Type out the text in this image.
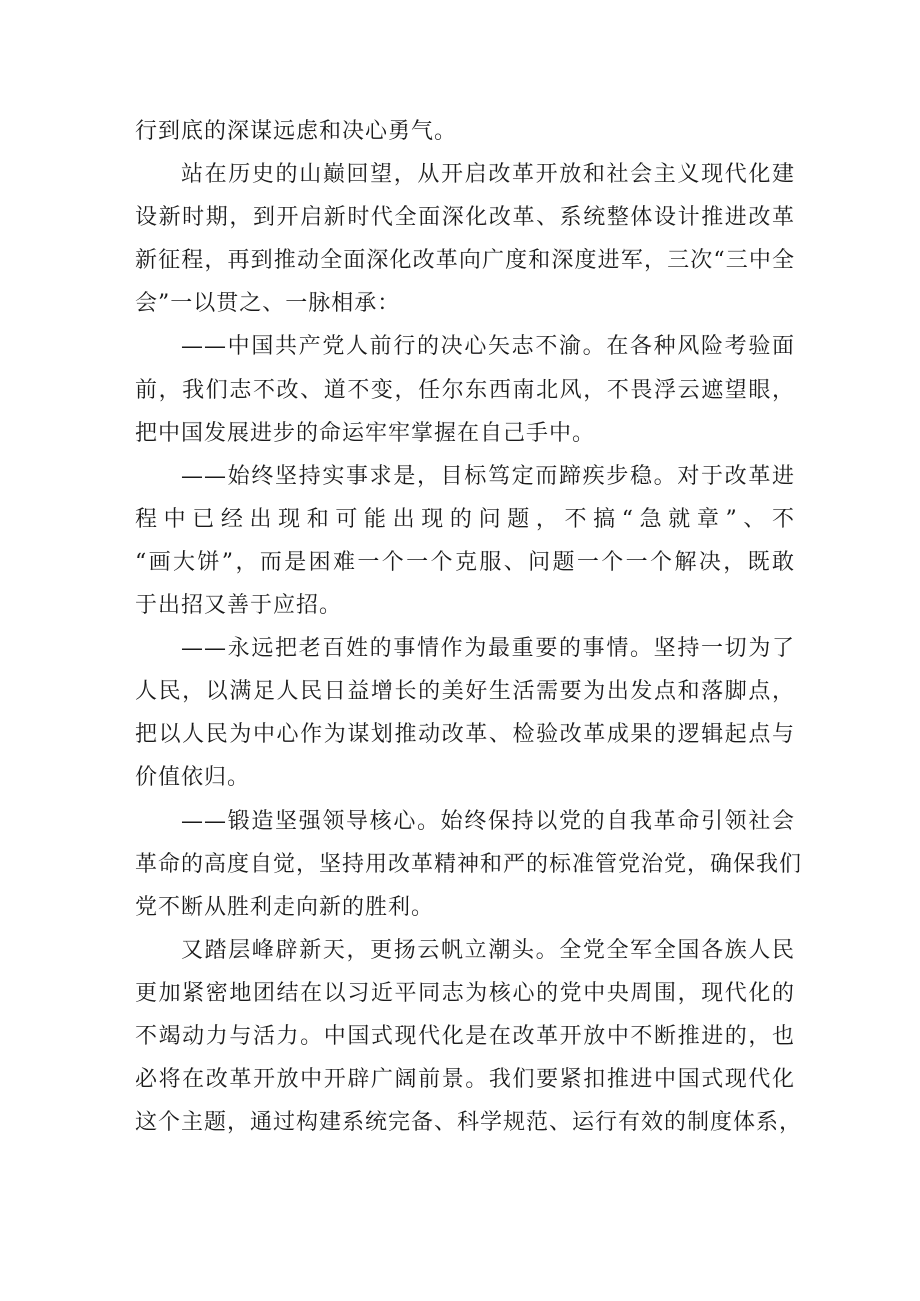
行到底的深谋远虑和决心勇气。
站在历史的山巅回望，从开启改革开放和社会主义现代化建
设新时期，到开启新时代全面深化改革、系统整体设计推进改革
新征程，再到推动全面深化改革向广度和深度进军，三次“三中全
会”一以贯之、一脉相承：
——中国共产党人前行的决心矢志不渝。在各种风险考验面
前，我们志不改、道不变，任尔东西南北风，不畏浮云遮望眼，
把中国发展进步的命运牢牢掌握在自己手中。
——始终坚持实事求是，目标笃定而蹄疾步稳。对于改革进
程中已经出现和可能出现的问题，不搞“急就章”、不
“画大饼”，而是困难一个一个克服、问题一个一个解决，既敢
于出招又善于应招。
——永远把老百姓的事情作为最重要的事情。坚持一切为了
人民，以满足人民日益增长的美好生活需要为出发点和落脚点，
把以人民为中心作为谋划推动改革、检验改革成果的逻辑起点与
价值依归。
——锻造坚强领导核心。始终保持以党的自我革命引领社会
革命的高度自觉，坚持用改革精神和严的标准管党治党，确保我们
党不断从胜利走向新的胜利。
又踏层峰辟新天，更扬云帆立潮头。全党全军全国各族人民
更加紧密地团结在以习近平同志为核心的党中央周围，现代化的
不竭动力与活力。中国式现代化是在改革开放中不断推进的，也
必将在改革开放中开辟广阔前景。我们要紧扣推进中国式现代化
这个主题，通过构建系统完备、科学规范、运行有效的制度体系，
